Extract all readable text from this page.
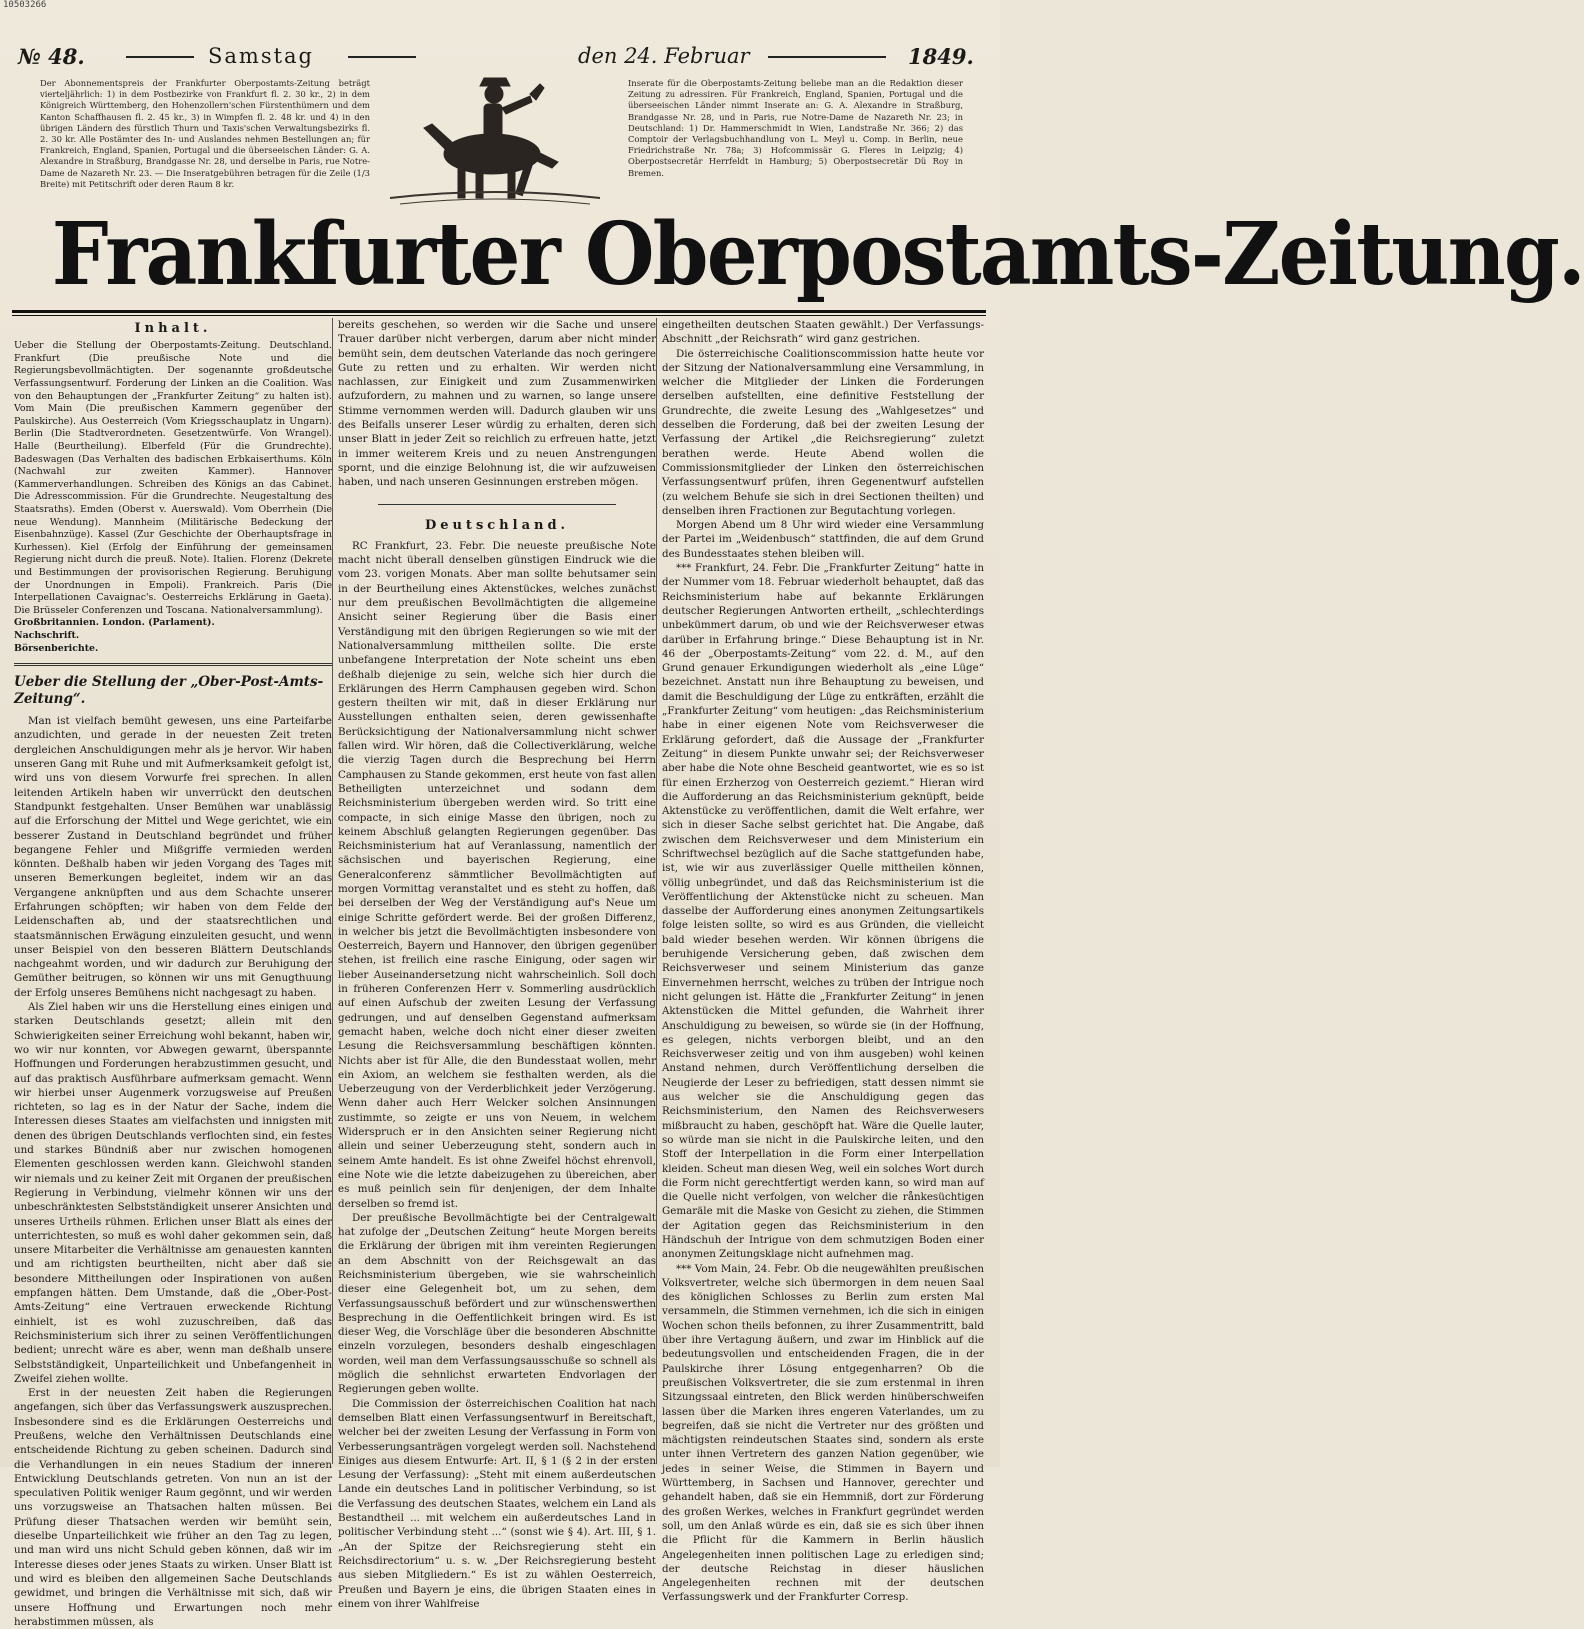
10503266
№ 48.	Samstag	den 24. Februar	1849.
Der Abonnementspreis der Frankfurter Oberpostamts-Zeitung beträgt vierteljährlich: 1) in dem Postbezirke von Frankfurt fl. 2. 30 kr., 2) in dem Königreich Württemberg, den Hohenzollern'schen Fürstenthümern und dem Kanton Schaffhausen fl. 2. 45 kr., 3) in Wimpfen fl. 2. 48 kr. und 4) in den übrigen Ländern des fürstlich Thurn und Taxis'schen Verwaltungsbezirks fl. 2. 30 kr. Alle Postämter des In- und Auslandes nehmen Bestellungen an; für Frankreich, England, Spanien, Portugal und die überseeischen Länder: G. A. Alexandre in Straßburg, Brandgasse Nr. 28, und derselbe in Paris, rue Notre-Dame de Nazareth Nr. 23. — Die Inseratgebühren betragen für die Zeile (1/3 Breite) mit Petitschrift oder deren Raum 8 kr.
Inserate für die Oberpostamts-Zeitung beliebe man an die Redaktion dieser Zeitung zu adressiren. Für Frankreich, England, Spanien, Portugal und die überseeischen Länder nimmt Inserate an: G. A. Alexandre in Straßburg, Brandgasse Nr. 28, und in Paris, rue Notre-Dame de Nazareth Nr. 23; in Deutschland: 1) Dr. Hammerschmidt in Wien, Landstraße Nr. 366; 2) das Comptoir der Verlagsbuchhandlung von L. Meyl u. Comp. in Berlin, neue Friedrichstraße Nr. 78a; 3) Hofcommissär G. Fleres in Leipzig; 4) Oberpostsecretär Herrfeldt in Hamburg; 5) Oberpostsecretär Dü Roy in Bremen.
Frankfurter Oberpostamts-Zeitung.
Inhalt.
Ueber die Stellung der Oberpostamts-Zeitung. Deutschland. Frankfurt (Die preußische Note und die Regierungsbevollmächtigten. Der sogenannte großdeutsche Verfassungsentwurf. Forderung der Linken an die Coalition. Was von den Behauptungen der „Frankfurter Zeitung“ zu halten ist). Vom Main (Die preußischen Kammern gegenüber der Paulskirche). Aus Oesterreich (Vom Kriegsschauplatz in Ungarn). Berlin (Die Stadtverordneten. Gesetzentwürfe. Von Wrangel). Halle (Beurtheilung). Elberfeld (Für die Grundrechte). Badeswagen (Das Verhalten des badischen Erbkaiserthums. Köln (Nachwahl zur zweiten Kammer). Hannover (Kammerverhandlungen. Schreiben des Königs an das Cabinet. Die Adresscommission. Für die Grundrechte. Neugestaltung des Staatsraths). Emden (Oberst v. Auerswald). Vom Oberrhein (Die neue Wendung). Mannheim (Militärische Bedeckung der Eisenbahnzüge). Kassel (Zur Geschichte der Oberhauptsfrage in Kurhessen). Kiel (Erfolg der Einführung der gemeinsamen Regierung nicht durch die preuß. Note). Italien. Florenz (Dekrete und Bestimmungen der provisorischen Regierung. Beruhigung der Unordnungen in Empoli). Frankreich. Paris (Die Interpellationen Cavaignac's. Oesterreichs Erklärung in Gaeta). Die Brüsseler Conferenzen und Toscana. Nationalversammlung).
Großbritannien. London. (Parlament).
Nachschrift.
Börsenberichte.
Ueber die Stellung der „Ober-Post-Amts-Zeitung“.

Man ist vielfach bemüht gewesen, uns eine Parteifarbe anzudichten, und gerade in der neuesten Zeit treten dergleichen Anschuldigungen mehr als je hervor. Wir haben unseren Gang mit Ruhe und mit Aufmerksamkeit gefolgt ist, wird uns von diesem Vorwurfe frei sprechen. In allen leitenden Artikeln haben wir unverrückt den deutschen Standpunkt festgehalten. Unser Bemühen war unablässig auf die Erforschung der Mittel und Wege gerichtet, wie ein besserer Zustand in Deutschland begründet und früher begangene Fehler und Mißgriffe vermieden werden könnten. Deßhalb haben wir jeden Vorgang des Tages mit unseren Bemerkungen begleitet, indem wir an das Vergangene anknüpften und aus dem Schachte unserer Erfahrungen schöpften; wir haben von dem Felde der Leidenschaften ab, und der staatsrechtlichen und staatsmännischen Erwägung einzuleiten gesucht, und wenn unser Beispiel von den besseren Blättern Deutschlands nachgeahmt worden, und wir dadurch zur Beruhigung der Gemüther beitrugen, so können wir uns mit Genugthuung der Erfolg unseres Bemühens nicht nachgesagt zu haben.

Als Ziel haben wir uns die Herstellung eines einigen und starken Deutschlands gesetzt; allein mit den Schwierigkeiten seiner Erreichung wohl bekannt, haben wir, wo wir nur konnten, vor Abwegen gewarnt, überspannte Hoffnungen und Forderungen herabzustimmen gesucht, und auf das praktisch Ausführbare aufmerksam gemacht. Wenn wir hierbei unser Augenmerk vorzugsweise auf Preußen richteten, so lag es in der Natur der Sache, indem die Interessen dieses Staates am vielfachsten und innigsten mit denen des übrigen Deutschlands verflochten sind, ein festes und starkes Bündniß aber nur zwischen homogenen Elementen geschlossen werden kann. Gleichwohl standen wir niemals und zu keiner Zeit mit Organen der preußischen Regierung in Verbindung, vielmehr können wir uns der unbeschränktesten Selbstständigkeit unserer Ansichten und unseres Urtheils rühmen. Erlichen unser Blatt als eines der unterrichtesten, so muß es wohl daher gekommen sein, daß unsere Mitarbeiter die Verhältnisse am genauesten kannten und am richtigsten beurtheilten, nicht aber daß sie besondere Mittheilungen oder Inspirationen von außen empfangen hätten. Dem Umstande, daß die „Ober-Post-Amts-Zeitung“ eine Vertrauen erweckende Richtung einhielt, ist es wohl zuzuschreiben, daß das Reichsministerium sich ihrer zu seinen Veröffentlichungen bedient; unrecht wäre es aber, wenn man deßhalb unsere Selbstständigkeit, Unparteilichkeit und Unbefangenheit in Zweifel ziehen wollte.

Erst in der neuesten Zeit haben die Regierungen angefangen, sich über das Verfassungswerk auszusprechen. Insbesondere sind es die Erklärungen Oesterreichs und Preußens, welche den Verhältnissen Deutschlands eine entscheidende Richtung zu geben scheinen. Dadurch sind die Verhandlungen in ein neues Stadium der inneren Entwicklung Deutschlands getreten. Von nun an ist der speculativen Politik weniger Raum gegönnt, und wir werden uns vorzugsweise an Thatsachen halten müssen. Bei Prüfung dieser Thatsachen werden wir bemüht sein, dieselbe Unparteilichkeit wie früher an den Tag zu legen, und man wird uns nicht Schuld geben können, daß wir im Interesse dieses oder jenes Staats zu wirken. Unser Blatt ist und wird es bleiben den allgemeinen Sache Deutschlands gewidmet, und bringen die Verhältnisse mit sich, daß wir unsere Hoffnung und Erwartungen noch mehr herabstimmen müssen, als

bereits geschehen, so werden wir die Sache und unsere Trauer darüber nicht verbergen, darum aber nicht minder bemüht sein, dem deutschen Vaterlande das noch geringere Gute zu retten und zu erhalten. Wir werden nicht nachlassen, zur Einigkeit und zum Zusammenwirken aufzufordern, zu mahnen und zu warnen, so lange unsere Stimme vernommen werden will. Dadurch glauben wir uns des Beifalls unserer Leser würdig zu erhalten, deren sich unser Blatt in jeder Zeit so reichlich zu erfreuen hatte, jetzt in immer weiterem Kreis und zu neuen Anstrengungen spornt, und die einzige Belohnung ist, die wir aufzuweisen haben, und nach unseren Gesinnungen erstreben mögen.

Deutschland.

RC Frankfurt, 23. Febr. Die neueste preußische Note macht nicht überall denselben günstigen Eindruck wie die vom 23. vorigen Monats. Aber man sollte behutsamer sein in der Beurtheilung eines Aktenstückes, welches zunächst nur dem preußischen Bevollmächtigten die allgemeine Ansicht seiner Regierung über die Basis einer Verständigung mit den übrigen Regierungen so wie mit der Nationalversammlung mittheilen sollte. Die erste unbefangene Interpretation der Note scheint uns eben deßhalb diejenige zu sein, welche sich hier durch die Erklärungen des Herrn Camphausen gegeben wird. Schon gestern theilten wir mit, daß in dieser Erklärung nur Ausstellungen enthalten seien, deren gewissenhafte Berücksichtigung der Nationalversammlung nicht schwer fallen wird. Wir hören, daß die Collectiverklärung, welche die vierzig Tagen durch die Besprechung bei Herrn Camphausen zu Stande gekommen, erst heute von fast allen Betheiligten unterzeichnet und sodann dem Reichsministerium übergeben werden wird. So tritt eine compacte, in sich einige Masse den übrigen, noch zu keinem Abschluß gelangten Regierungen gegenüber. Das Reichsministerium hat auf Veranlassung, namentlich der sächsischen und bayerischen Regierung, eine Generalconferenz sämmtlicher Bevollmächtigten auf morgen Vormittag veranstaltet und es steht zu hoffen, daß bei derselben der Weg der Verständigung auf's Neue um einige Schritte gefördert werde. Bei der großen Differenz, in welcher bis jetzt die Bevollmächtigten insbesondere von Oesterreich, Bayern und Hannover, den übrigen gegenüber stehen, ist freilich eine rasche Einigung, oder sagen wir lieber Auseinandersetzung nicht wahrscheinlich. Soll doch in früheren Conferenzen Herr v. Sommerling ausdrücklich auf einen Aufschub der zweiten Lesung der Verfassung gedrungen, und auf denselben Gegenstand aufmerksam gemacht haben, welche doch nicht einer dieser zweiten Lesung die Reichsversammlung beschäftigen könnten. Nichts aber ist für Alle, die den Bundesstaat wollen, mehr ein Axiom, an welchem sie festhalten werden, als die Ueberzeugung von der Verderblichkeit jeder Verzögerung. Wenn daher auch Herr Welcker solchen Ansinnungen zustimmte, so zeigte er uns von Neuem, in welchem Widerspruch er in den Ansichten seiner Regierung nicht allein und seiner Ueberzeugung steht, sondern auch in seinem Amte handelt. Es ist ohne Zweifel höchst ehrenvoll, eine Note wie die letzte dabeizugehen zu übereichen, aber es muß peinlich sein für denjenigen, der dem Inhalte derselben so fremd ist.

Der preußische Bevollmächtigte bei der Centralgewalt hat zufolge der „Deutschen Zeitung“ heute Morgen bereits die Erklärung der übrigen mit ihm vereinten Regierungen an dem Abschnitt von der Reichsgewalt an das Reichsministerium übergeben, wie sie wahrscheinlich dieser eine Gelegenheit bot, um zu sehen, dem Verfassungsausschuß befördert und zur wünschenswerthen Besprechung in die Oeffentlichkeit bringen wird. Es ist dieser Weg, die Vorschläge über die besonderen Abschnitte einzeln vorzulegen, besonders deshalb eingeschlagen worden, weil man dem Verfassungsausschuße so schnell als möglich die sehnlichst erwarteten Endvorlagen der Regierungen geben wollte.

Die Commission der österreichischen Coalition hat nach demselben Blatt einen Verfassungsentwurf in Bereitschaft, welcher bei der zweiten Lesung der Verfassung in Form von Verbesserungsanträgen vorgelegt werden soll. Nachstehend Einiges aus diesem Entwurfe: Art. II, § 1 (§ 2 in der ersten Lesung der Verfassung): „Steht mit einem außerdeutschen Lande ein deutsches Land in politischer Verbindung, so ist die Verfassung des deutschen Staates, welchem ein Land als Bestandtheil ... mit welchem ein außerdeutsches Land in politischer Verbindung steht ...“ (sonst wie § 4). Art. III, § 1. „An der Spitze der Reichsregierung steht ein Reichsdirectorium“ u. s. w. „Der Reichsregierung besteht aus sieben Mitgliedern.“ Es ist zu wählen Oesterreich, Preußen und Bayern je eins, die übrigen Staaten eines in einem von ihrer Wahlfreise

eingetheilten deutschen Staaten gewählt.) Der Verfassungs-Abschnitt „der Reichsrath“ wird ganz gestrichen.

Die österreichische Coalitionscommission hatte heute vor der Sitzung der Nationalversammlung eine Versammlung, in welcher die Mitglieder der Linken die Forderungen derselben aufstellten, eine definitive Feststellung der Grundrechte, die zweite Lesung des „Wahlgesetzes“ und desselben die Forderung, daß bei der zweiten Lesung der Verfassung der Artikel „die Reichsregierung“ zuletzt berathen werde. Heute Abend wollen die Commissionsmitglieder der Linken den österreichischen Verfassungsentwurf prüfen, ihren Gegenentwurf aufstellen (zu welchem Behufe sie sich in drei Sectionen theilten) und denselben ihren Fractionen zur Begutachtung vorlegen.

Morgen Abend um 8 Uhr wird wieder eine Versammlung der Partei im „Weidenbusch“ stattfinden, die auf dem Grund des Bundesstaates stehen bleiben will.

*** Frankfurt, 24. Febr. Die „Frankfurter Zeitung“ hatte in der Nummer vom 18. Februar wiederholt behauptet, daß das Reichsministerium habe auf bekannte Erklärungen deutscher Regierungen Antworten ertheilt, „schlechterdings unbekümmert darum, ob und wie der Reichsverweser etwas darüber in Erfahrung bringe.“ Diese Behauptung ist in Nr. 46 der „Oberpostamts-Zeitung“ vom 22. d. M., auf den Grund genauer Erkundigungen wiederholt als „eine Lüge“ bezeichnet. Anstatt nun ihre Behauptung zu beweisen, und damit die Beschuldigung der Lüge zu entkräften, erzählt die „Frankfurter Zeitung“ vom heutigen: „das Reichsministerium habe in einer eigenen Note vom Reichsverweser die Erklärung gefordert, daß die Aussage der „Frankfurter Zeitung“ in diesem Punkte unwahr sei; der Reichsverweser aber habe die Note ohne Bescheid geantwortet, wie es so ist für einen Erzherzog von Oesterreich geziemt.“ Hieran wird die Aufforderung an das Reichsministerium geknüpft, beide Aktenstücke zu veröffentlichen, damit die Welt erfahre, wer sich in dieser Sache selbst gerichtet hat. Die Angabe, daß zwischen dem Reichsverweser und dem Ministerium ein Schriftwechsel bezüglich auf die Sache stattgefunden habe, ist, wie wir aus zuverlässiger Quelle mittheilen können, völlig unbegründet, und daß das Reichsministerium ist die Veröffentlichung der Aktenstücke nicht zu scheuen. Man dasselbe der Aufforderung eines anonymen Zeitungsartikels folge leisten sollte, so wird es aus Gründen, die vielleicht bald wieder besehen werden. Wir können übrigens die beruhigende Versicherung geben, daß zwischen dem Reichsverweser und seinem Ministerium das ganze Einvernehmen herrscht, welches zu trüben der Intrigue noch nicht gelungen ist. Hätte die „Frankfurter Zeitung“ in jenen Aktenstücken die Mittel gefunden, die Wahrheit ihrer Anschuldigung zu beweisen, so würde sie (in der Hoffnung, es gelegen, nichts verborgen bleibt, und an den Reichsverweser zeitig und von ihm ausgeben) wohl keinen Anstand nehmen, durch Veröffentlichung derselben die Neugierde der Leser zu befriedigen, statt dessen nimmt sie aus welcher sie die Anschuldigung gegen das Reichsministerium, den Namen des Reichsverwesers mißbraucht zu haben, geschöpft hat. Wäre die Quelle lauter, so würde man sie nicht in die Paulskirche leiten, und den Stoff der Interpellation in die Form einer Interpellation kleiden. Scheut man diesen Weg, weil ein solches Wort durch die Form nicht gerechtfertigt werden kann, so wird man auf die Quelle nicht verfolgen, von welcher die rånkesüchtigen Gemaräle mit die Maske von Gesicht zu ziehen, die Stimmen der Agitation gegen das Reichsministerium in den Händschuh der Intrigue von dem schmutzigen Boden einer anonymen Zeitungsklage nicht aufnehmen mag.

*** Vom Main, 24. Febr. Ob die neugewählten preußischen Volksvertreter, welche sich übermorgen in dem neuen Saal des königlichen Schlosses zu Berlin zum ersten Mal versammeln, die Stimmen vernehmen, ich die sich in einigen Wochen schon theils befonnen, zu ihrer Zusammentritt, bald über ihre Vertagung äußern, und zwar im Hinblick auf die bedeutungsvollen und entscheidenden Fragen, die in der Paulskirche ihrer Lösung entgegenharren? Ob die preußischen Volksvertreter, die sie zum erstenmal in ihren Sitzungssaal eintreten, den Blick werden hinüberschweifen lassen über die Marken ihres engeren Vaterlandes, um zu begreifen, daß sie nicht die Vertreter nur des größten und mächtigsten reindeutschen Staates sind, sondern als erste unter ihnen Vertretern des ganzen Nation gegenüber, wie jedes in seiner Weise, die Stimmen in Bayern und Württemberg, in Sachsen und Hannover, gerechter und gehandelt haben, daß sie ein Hemmniß, dort zur Förderung des großen Werkes, welches in Frankfurt gegründet werden soll, um den Anlaß würde es ein, daß sie es sich über ihnen die Pflicht für die Kammern in Berlin häuslich Angelegenheiten innen politischen Lage zu erledigen sind; der deutsche Reichstag in dieser häuslichen Angelegenheiten rechnen mit der deutschen Verfassungswerk und der Frankfurter Corresp.
